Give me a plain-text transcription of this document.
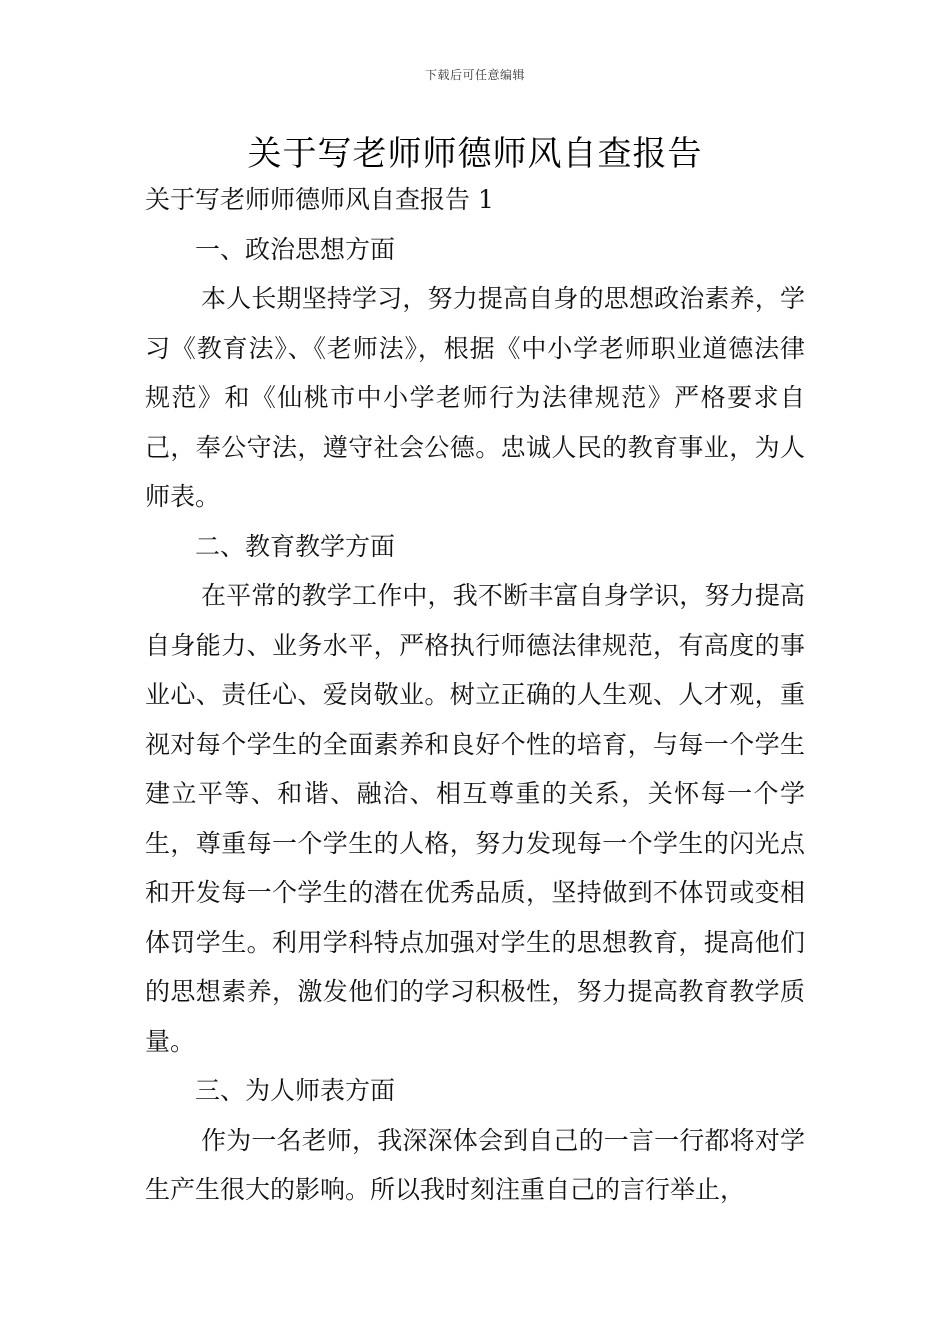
下载后可任意编辑
关于写老师师德师风自查报告

关于写老师师德师风自查报告 1

一、政治思想方面

本人长期坚持学习，努力提高自身的思想政治素养，学习《教育法》、《老师法》，根据《中小学老师职业道德法律规范》和《仙桃市中小学老师行为法律规范》严格要求自己，奉公守法，遵守社会公德。忠诚人民的教育事业，为人师表。

二、教育教学方面

在平常的教学工作中，我不断丰富自身学识，努力提高自身能力、业务水平，严格执行师德法律规范，有高度的事业心、责任心、爱岗敬业。树立正确的人生观、人才观，重视对每个学生的全面素养和良好个性的培育，与每一个学生建立平等、和谐、融洽、相互尊重的关系，关怀每一个学生，尊重每一个学生的人格，努力发现每一个学生的闪光点和开发每一个学生的潜在优秀品质，坚持做到不体罚或变相体罚学生。利用学科特点加强对学生的思想教育，提高他们的思想素养，激发他们的学习积极性，努力提高教育教学质量。

三、为人师表方面

作为一名老师，我深深体会到自己的一言一行都将对学生产生很大的影响。所以我时刻注重自己的言行举止，
